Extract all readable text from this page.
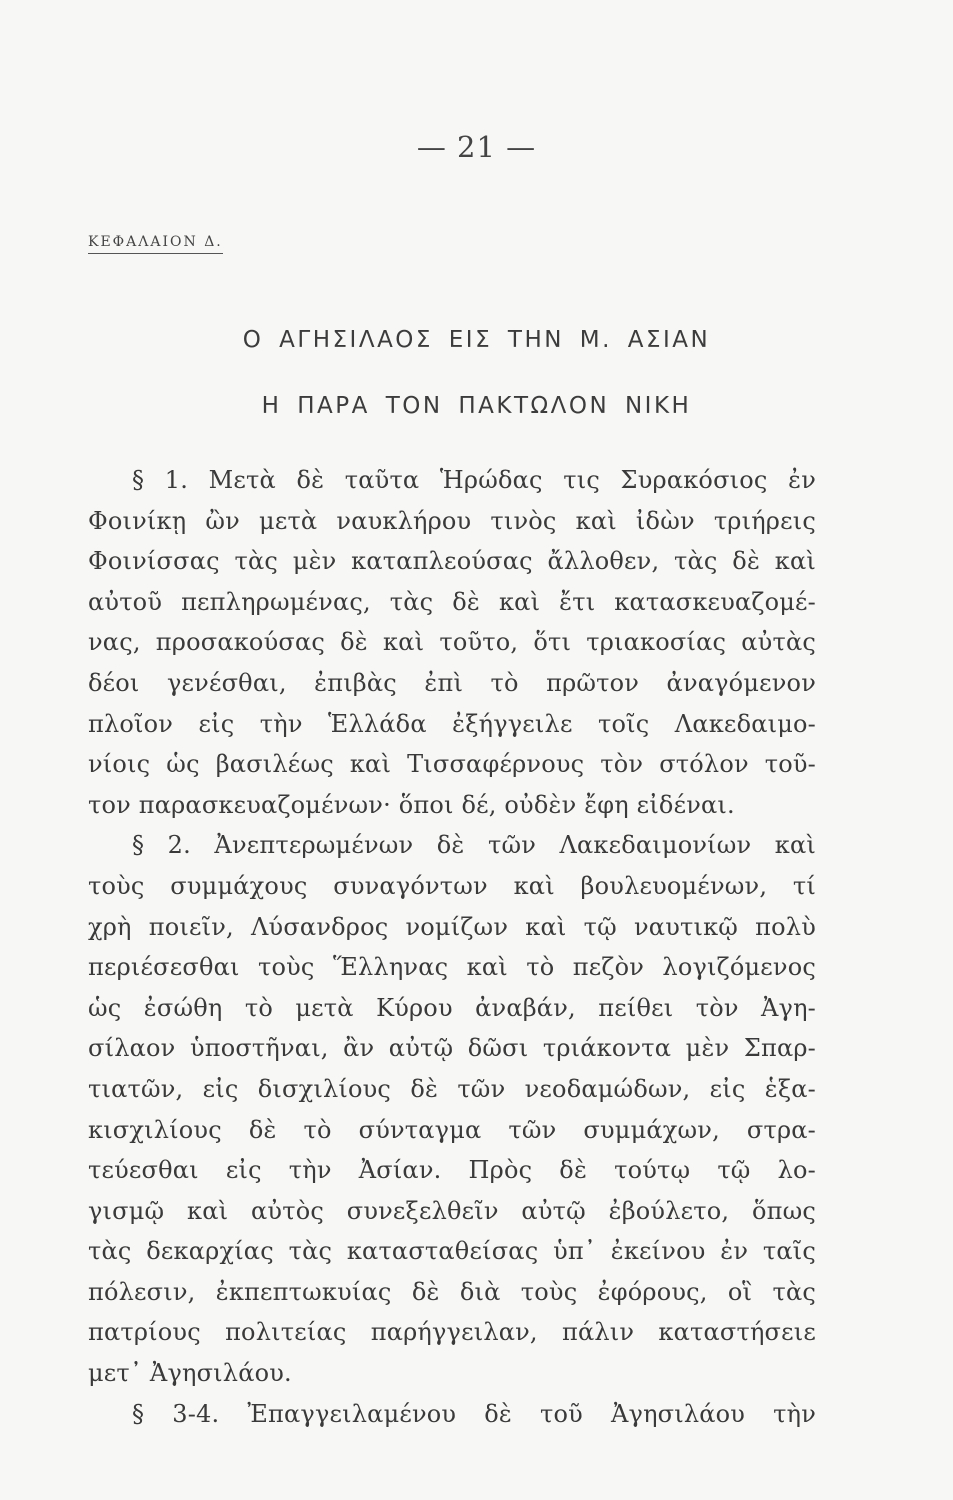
— 21 —
ΚΕΦΑΛΑΙΟΝ Δ.
Ο ΑΓΗΣΙΛΑΟΣ ΕΙΣ ΤΗΝ Μ. ΑΣΙΑΝ
Η ΠΑΡΑ ΤΟΝ ΠΑΚΤΩΛΟΝ ΝΙΚΗ
§ 1. Μετὰ δὲ ταῦτα Ἡρώδας τις Συρακόσιος ἐν
Φοινίκῃ ὢν μετὰ ναυκλήρου τινὸς καὶ ἰδὼν τριήρεις
Φοινίσσας τὰς μὲν καταπλεούσας ἄλλοθεν, τὰς δὲ καὶ
αὐτοῦ πεπληρωμένας, τὰς δὲ καὶ ἔτι κατασκευαζομέ-
νας, προσακούσας δὲ καὶ τοῦτο, ὅτι τριακοσίας αὐτὰς
δέοι γενέσθαι, ἐπιβὰς ἐπὶ τὸ πρῶτον ἀναγόμενον
πλοῖον εἰς τὴν Ἑλλάδα ἐξήγγειλε τοῖς Λακεδαιμο-
νίοις ὡς βασιλέως καὶ Τισσαφέρνους τὸν στόλον τοῦ-
τον παρασκευαζομένων· ὅποι δέ, οὐδὲν ἔφη εἰδέναι.
§ 2. Ἀνεπτερωμένων δὲ τῶν Λακεδαιμονίων καὶ
τοὺς συμμάχους συναγόντων καὶ βουλευομένων, τί
χρὴ ποιεῖν, Λύσανδρος νομίζων καὶ τῷ ναυτικῷ πολὺ
περιέσεσθαι τοὺς Ἕλληνας καὶ τὸ πεζὸν λογιζόμενος
ὡς ἐσώθη τὸ μετὰ Κύρου ἀναβάν, πείθει τὸν Ἀγη-
σίλαον ὑποστῆναι, ἂν αὐτῷ δῶσι τριάκοντα μὲν Σπαρ-
τιατῶν, εἰς δισχιλίους δὲ τῶν νεοδαμώδων, εἰς ἑξα-
κισχιλίους δὲ τὸ σύνταγμα τῶν συμμάχων, στρα-
τεύεσθαι εἰς τὴν Ἀσίαν. Πρὸς δὲ τούτῳ τῷ λο-
γισμῷ καὶ αὐτὸς συνεξελθεῖν αὐτῷ ἐβούλετο, ὅπως
τὰς δεκαρχίας τὰς κατασταθείσας ὑπ᾽ ἐκείνου ἐν ταῖς
πόλεσιν, ἐκπεπτωκυίας δὲ διὰ τοὺς ἐφόρους, οἳ τὰς
πατρίους πολιτείας παρήγγειλαν, πάλιν καταστήσειε
μετ᾽ Ἀγησιλάου.
§ 3-4. Ἐπαγγειλαμένου δὲ τοῦ Ἀγησιλάου τὴν
